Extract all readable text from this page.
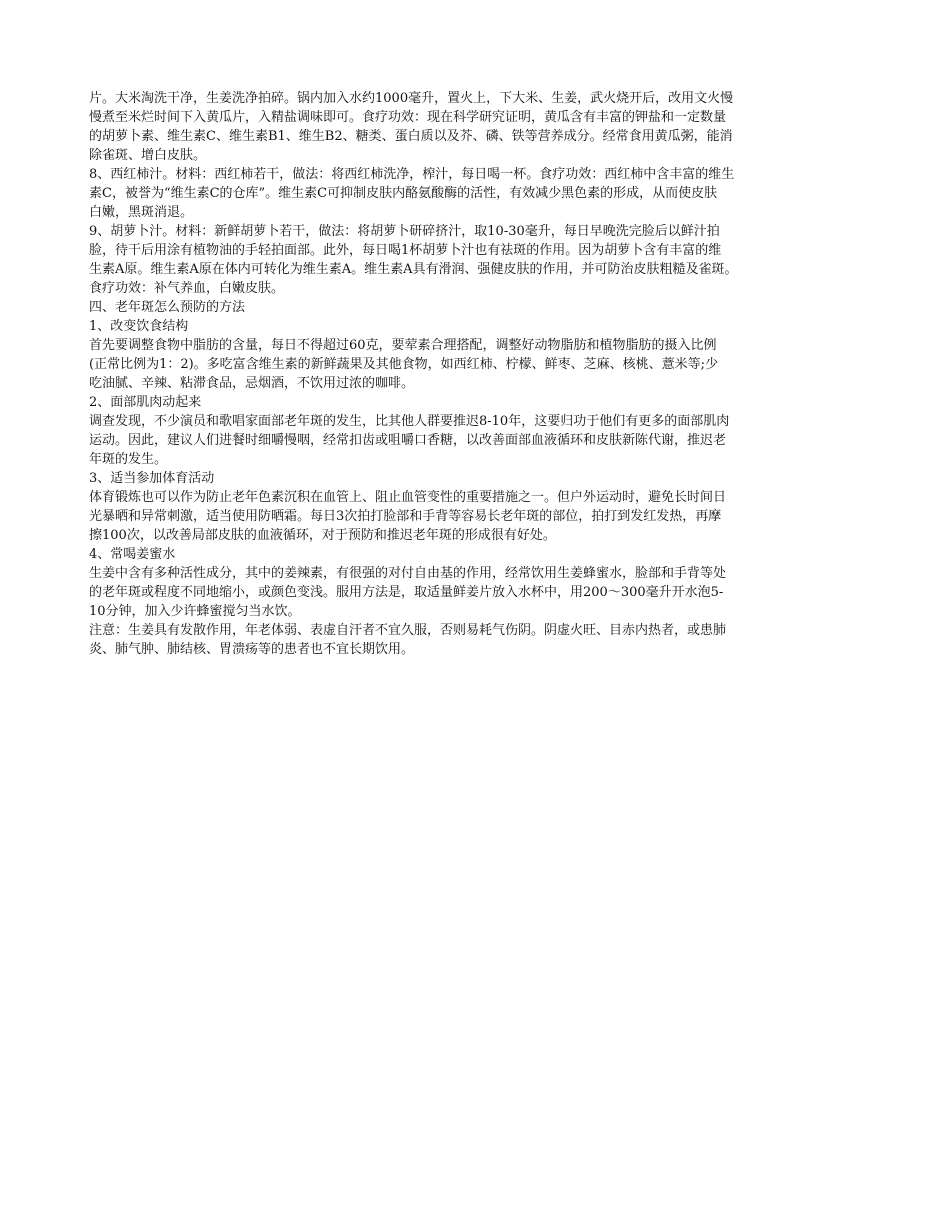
片。大米淘洗干净，生姜洗净拍碎。锅内加入水约1000毫升，置火上，下大米、生姜，武火烧开后，改用文火慢
慢煮至米烂时间下入黄瓜片，入精盐调味即可。食疗功效：现在科学研究证明，黄瓜含有丰富的钾盐和一定数量
的胡萝卜素、维生素C、维生素B1、维生B2、糖类、蛋白质以及芥、磷、铁等营养成分。经常食用黄瓜粥，能消
除雀斑、增白皮肤。
8、西红柿汁。材料：西红柿若干，做法：将西红柿洗净，榨汁，每日喝一杯。食疗功效：西红柿中含丰富的维生
素C，被誉为“维生素C的仓库”。维生素C可抑制皮肤内酪氨酸酶的活性，有效减少黑色素的形成，从而使皮肤
白嫩，黑斑消退。
9、胡萝卜汁。材料：新鲜胡萝卜若干，做法：将胡萝卜研碎挤汁，取10-30毫升，每日早晚洗完脸后以鲜汁拍
脸，待干后用涂有植物油的手轻拍面部。此外，每日喝1杯胡萝卜汁也有祛斑的作用。因为胡萝卜含有丰富的维
生素A原。维生素A原在体内可转化为维生素A。维生素A具有滑润、强健皮肤的作用，并可防治皮肤粗糙及雀斑。
食疗功效：补气养血，白嫩皮肤。
四、老年斑怎么预防的方法
1、改变饮食结构
首先要调整食物中脂肪的含量，每日不得超过60克，要荤素合理搭配，调整好动物脂肪和植物脂肪的摄入比例
(正常比例为1：2)。多吃富含维生素的新鲜蔬果及其他食物，如西红柿、柠檬、鲜枣、芝麻、核桃、薏米等;少
吃油腻、辛辣、粘滞食品，忌烟酒，不饮用过浓的咖啡。
2、面部肌肉动起来
调查发现，不少演员和歌唱家面部老年斑的发生，比其他人群要推迟8-10年，这要归功于他们有更多的面部肌肉
运动。因此，建议人们进餐时细嚼慢咽，经常扣齿或咀嚼口香糖，以改善面部血液循环和皮肤新陈代谢，推迟老
年斑的发生。
3、适当参加体育活动
体育锻炼也可以作为防止老年色素沉积在血管上、阻止血管变性的重要措施之一。但户外运动时，避免长时间日
光暴晒和异常刺激，适当使用防晒霜。每日3次拍打脸部和手背等容易长老年斑的部位，拍打到发红发热，再摩
擦100次，以改善局部皮肤的血液循环，对于预防和推迟老年斑的形成很有好处。
4、常喝姜蜜水
生姜中含有多种活性成分，其中的姜辣素，有很强的对付自由基的作用，经常饮用生姜蜂蜜水，脸部和手背等处
的老年斑或程度不同地缩小，或颜色变浅。服用方法是，取适量鲜姜片放入水杯中，用200～300毫升开水泡5-
10分钟，加入少许蜂蜜搅匀当水饮。
注意：生姜具有发散作用，年老体弱、表虚自汗者不宜久服，否则易耗气伤阴。阴虚火旺、目赤内热者，或患肺
炎、肺气肿、肺结核、胃溃疡等的患者也不宜长期饮用。
